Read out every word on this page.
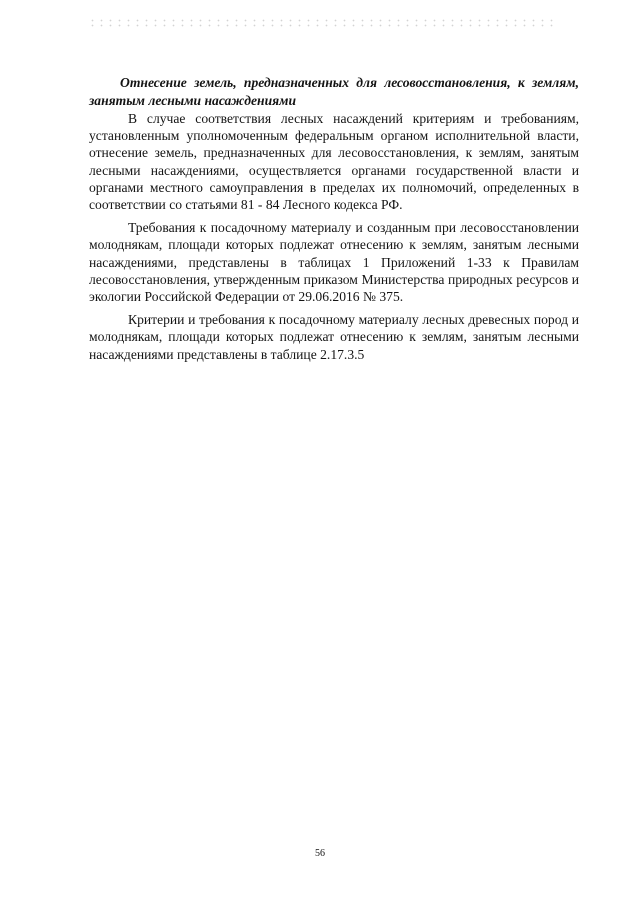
Отнесение земель, предназначенных для лесовосстановления, к землям, занятым лесными насаждениями

В случае соответствия лесных насаждений критериям и требованиям, установленным уполномоченным федеральным органом исполнительной власти, отнесение земель, предназначенных для лесовосстановления, к землям, занятым лесными насаждениями, осуществляется органами государственной власти и органами местного самоуправления в пределах их полномочий, определенных в соответствии со статьями 81 - 84 Лесного кодекса РФ.

Требования к посадочному материалу и созданным при лесовосстановлении молоднякам, площади которых подлежат отнесению к землям, занятым лесными насаждениями, представлены в таблицах 1 Приложений 1-33 к Правилам лесовосстановления, утвержденным приказом Министерства природных ресурсов и экологии Российской Федерации от 29.06.2016 № 375.

Критерии и требования к посадочному материалу лесных древесных пород и молоднякам, площади которых подлежат отнесению к землям, занятым лесными насаждениями представлены в таблице 2.17.3.5

56
